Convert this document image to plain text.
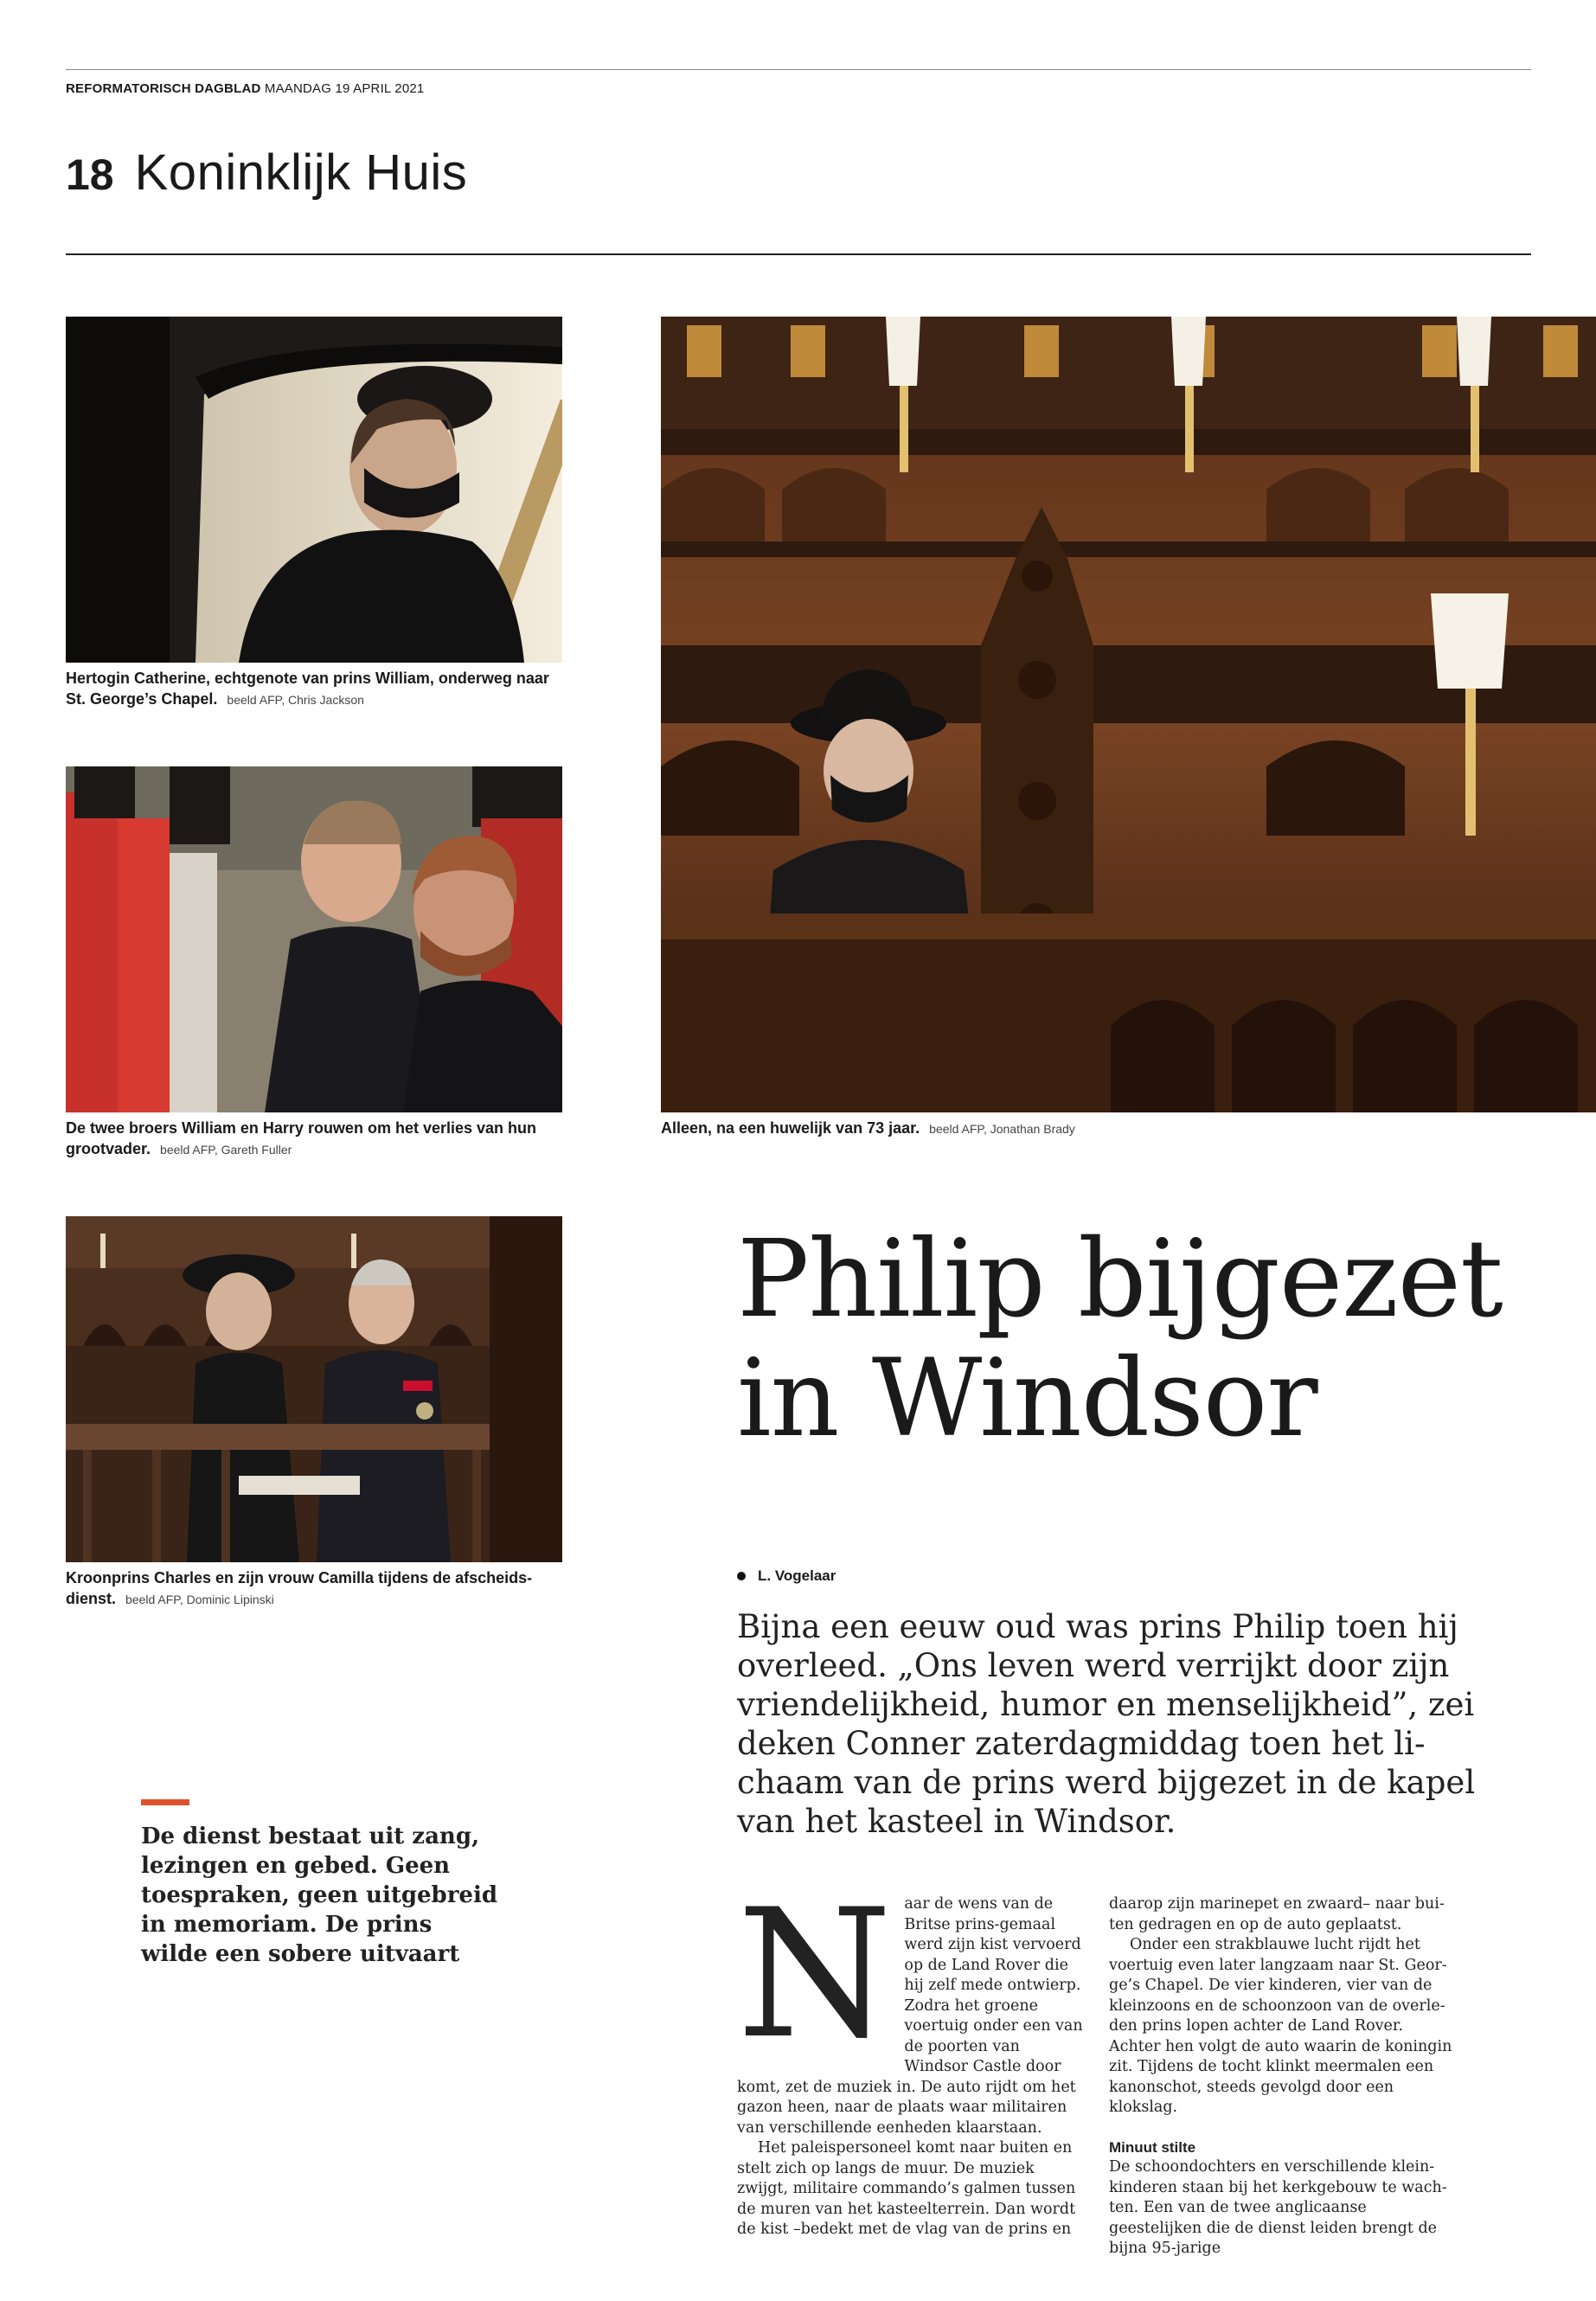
REFORMATORISCH DAGBLAD MAANDAG 19 APRIL 2021
18 Koninklijk Huis
Hertogin Catherine, echtgenote van prins William, onderweg naar St. George’s Chapel. beeld AFP, Chris Jackson
De twee broers William en Harry rouwen om het verlies van hun grootvader. beeld AFP, Gareth Fuller
Kroonprins Charles en zijn vrouw Camilla tijdens de afscheidsdienst. beeld AFP, Dominic Lipinski
Alleen, na een huwelijk van 73 jaar. beeld AFP, Jonathan Brady
Philip bijgezet
in Windsor
L. Vogelaar
Bijna een eeuw oud was prins Philip toen hij overleed. „Ons leven werd verrijkt door zijn vriendelijkheid, humor en menselijkheid”, zei deken Conner zaterdagmiddag toen het lichaam van de prins werd bijgezet in de kapel van het kasteel in Windsor.
De dienst bestaat uit zang, lezingen en gebed. Geen toespraken, geen uitgebreid in memoriam. De prins wilde een sobere uitvaart N aar de wens van de Britse prins-gemaal werd zijn kist vervoerd op de Land Rover die hij zelf mede ontwierp. Zodra het groene voertuig onder een van de poorten van Windsor Castle door komt, zet de muziek in. De auto rijdt om het gazon heen, naar de plaats waar militairen van verschillende eenheden klaarstaan.

Het paleispersoneel komt naar buiten en stelt zich op langs de muur. De muziek zwijgt, militaire commando’s galmen tussen de muren van het kasteelterrein. Dan wordt de kist –bedekt met de vlag van de prins en

daarop zijn marinepet en zwaard– naar buiten gedragen en op de auto geplaatst.

Onder een strakblauwe lucht rijdt het voertuig even later langzaam naar St. George’s Chapel. De vier kinderen, vier van de kleinzoons en de schoonzoon van de overleden prins lopen achter de Land Rover. Achter hen volgt de auto waarin de koningin zit. Tijdens de tocht klinkt meermalen een kanonschot, steeds gevolgd door een klokslag.

Minuut stilte

De schoondochters en verschillende kleinkinderen staan bij het kerkgebouw te wachten. Een van de twee anglicaanse geestelijken die de dienst leiden brengt de bijna 95-jarige
